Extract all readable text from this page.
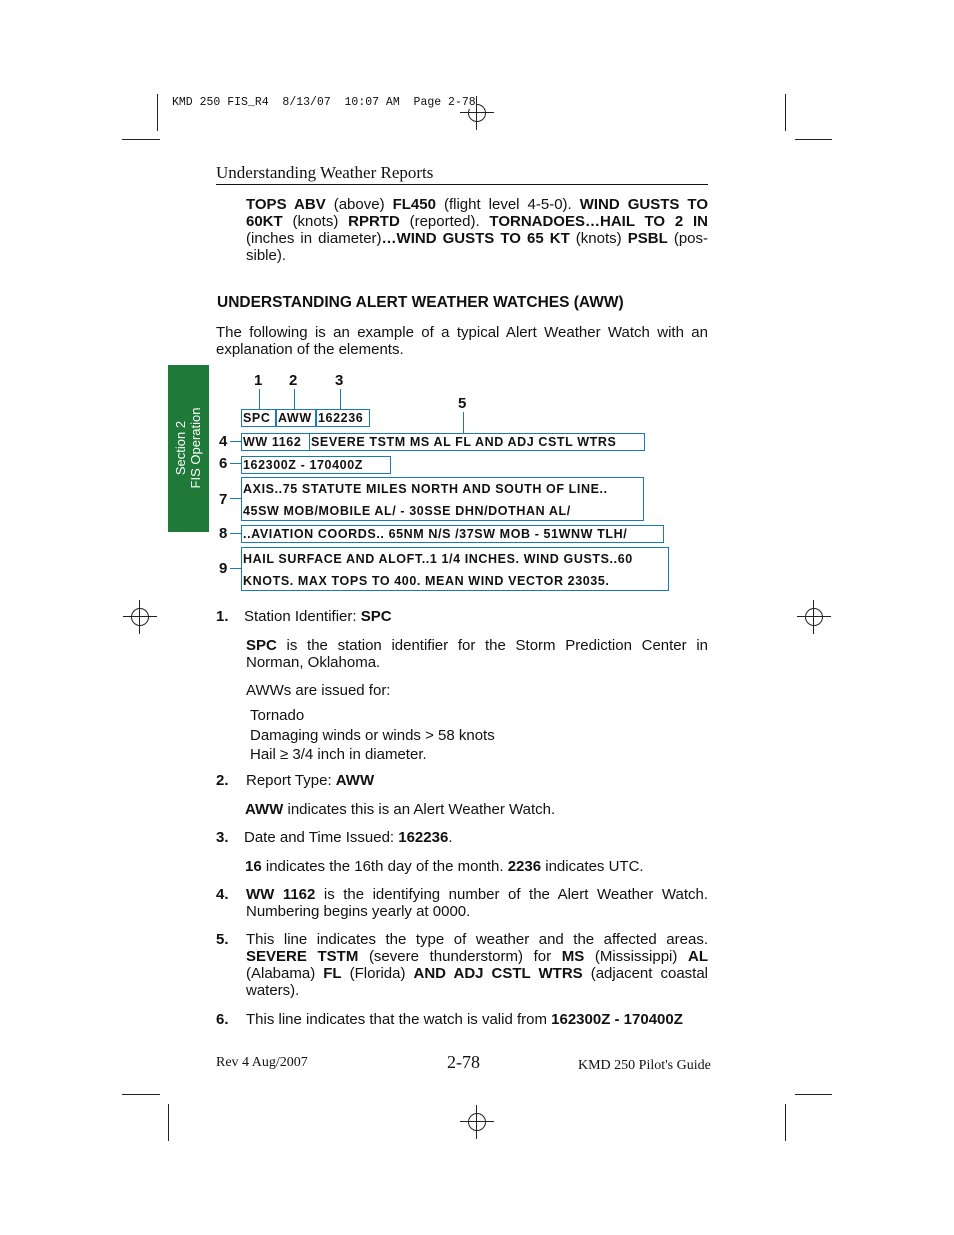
KMD 250 FIS_R4  8/13/07  10:07 AM  Page 2-78
Understanding Weather Reports
Section 2 FIS Operation
TOPS ABV (above) FL450 (flight level 4-5-0). WIND GUSTS TO 60KT (knots) RPRTD (reported). TORNADOES…HAIL TO 2 IN (inches in diameter)…WIND GUSTS TO 65 KT (knots) PSBL (pos-sible).
UNDERSTANDING ALERT WEATHER WATCHES (AWW)
The following is an example of a typical Alert Weather Watch with an explanation of the elements.
1 2	3
5
4
6
7
8
9
SPC AWW 162236
WW 1162 SEVERE TSTM MS AL FL AND ADJ CSTL WTRS
162300Z - 170400Z
AXIS..75 STATUTE MILES NORTH AND SOUTH OF LINE..
45SW MOB/MOBILE AL/ - 30SSE DHN/DOTHAN AL/
..AVIATION COORDS.. 65NM N/S /37SW MOB - 51WNW TLH/
HAIL SURFACE AND ALOFT..1 1/4 INCHES. WIND GUSTS..60
KNOTS. MAX TOPS TO 400. MEAN WIND VECTOR 23035.
1. Station Identifier: SPC
SPC is the station identifier for the Storm Prediction Center in Norman, Oklahoma.
AWWs are issued for:
Tornado
Damaging winds or winds > 58 knots
Hail ≥ 3/4 inch in diameter.
2. Report Type: AWW
AWW indicates this is an Alert Weather Watch.
3. Date and Time Issued: 162236.
16 indicates the 16th day of the month. 2236 indicates UTC.
4. WW 1162 is the identifying number of the Alert Weather Watch. Numbering begins yearly at 0000.
5. This line indicates the type of weather and the affected areas. SEVERE TSTM (severe thunderstorm) for MS (Mississippi) AL (Alabama) FL (Florida) AND ADJ CSTL WTRS (adjacent coastal waters).
6. This line indicates that the watch is valid from 162300Z - 170400Z
Rev 4 Aug/2007	2-78	KMD 250 Pilot's Guide
